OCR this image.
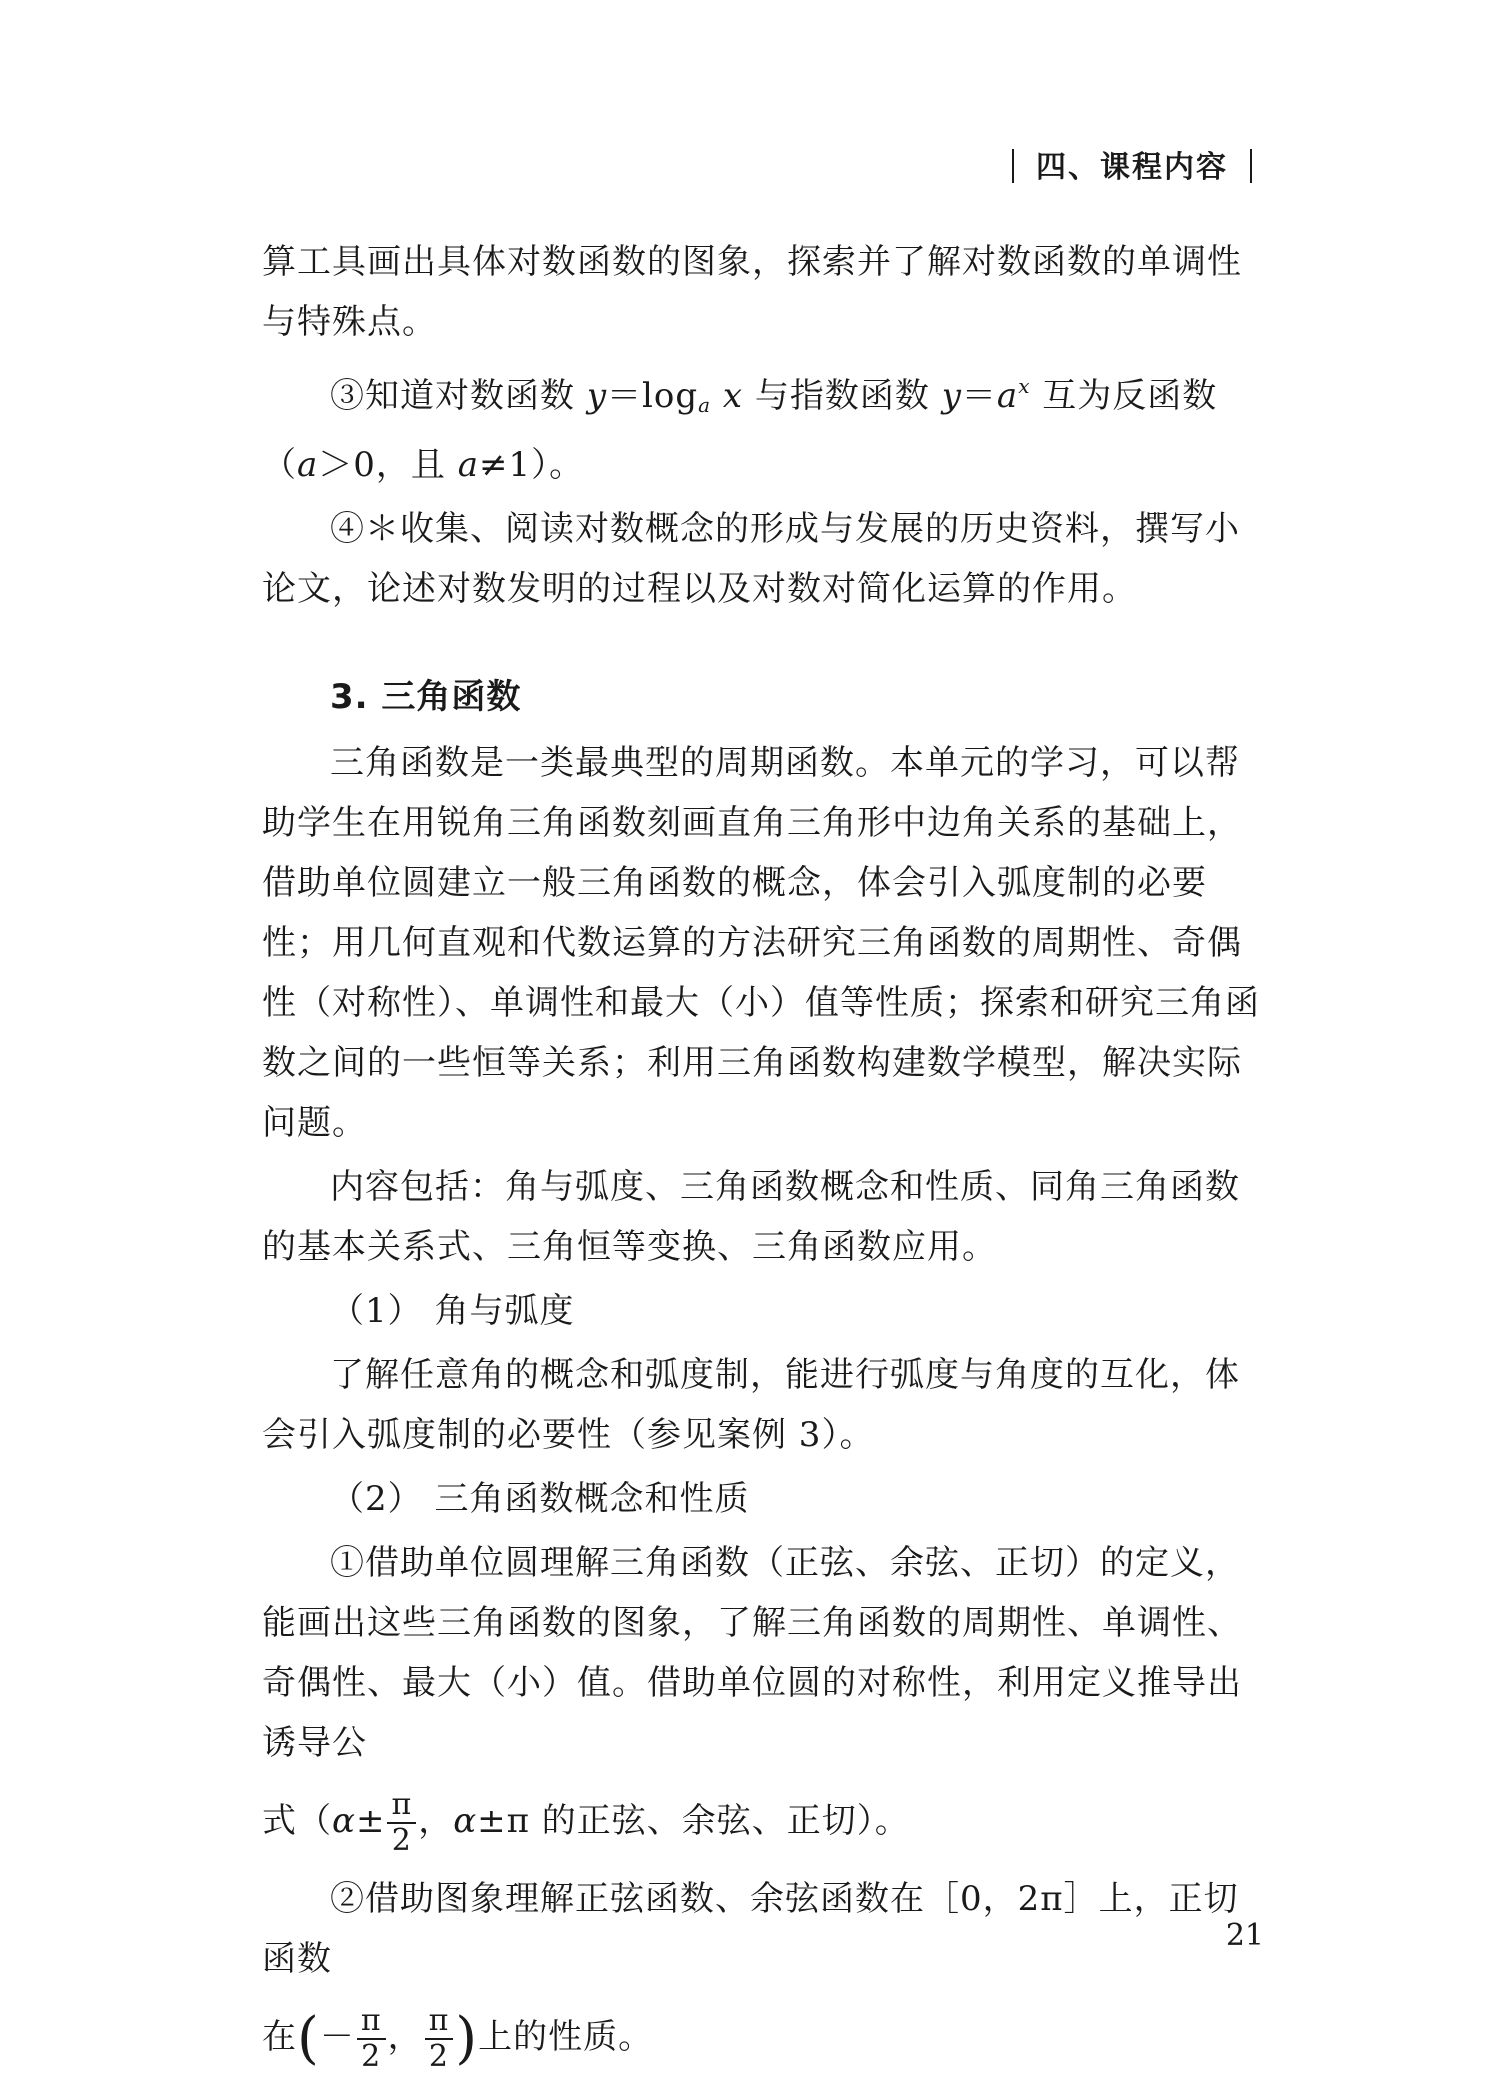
四、课程内容

算工具画出具体对数函数的图象，探索并了解对数函数的单调性与特殊点。

③知道对数函数 $y=\log_a$ x 与指数函数 $y=a^x$ 互为反函数（a＞0，且 a≠1）。

④＊收集、阅读对数概念的形成与发展的历史资料，撰写小论文，论述对数发明的过程以及对数对简化运算的作用。

3. 三角函数

三角函数是一类最典型的周期函数。本单元的学习，可以帮助学生在用锐角三角函数刻画直角三角形中边角关系的基础上，借助单位圆建立一般三角函数的概念，体会引入弧度制的必要性；用几何直观和代数运算的方法研究三角函数的周期性、奇偶性（对称性）、单调性和最大（小）值等性质；探索和研究三角函数之间的一些恒等关系；利用三角函数构建数学模型，解决实际问题。

内容包括：角与弧度、三角函数概念和性质、同角三角函数的基本关系式、三角恒等变换、三角函数应用。

（1） 角与弧度

了解任意角的概念和弧度制，能进行弧度与角度的互化，体会引入弧度制的必要性（参见案例 3）。

（2） 三角函数概念和性质

①借助单位圆理解三角函数（正弦、余弦、正切）的定义，能画出这些三角函数的图象，了解三角函数的周期性、单调性、奇偶性、最大（小）值。借助单位圆的对称性，利用定义推导出诱导公

式（$\alpha\pm \frac{\pi}{2}$ ，α±π 的正弦、余弦、正切）。

②借助图象理解正弦函数、余弦函数在［0，2π］上，正切函数

在(－ $\frac{\pi}{2}$ ， $\frac{\pi}{2}$ )上的性质。

21
